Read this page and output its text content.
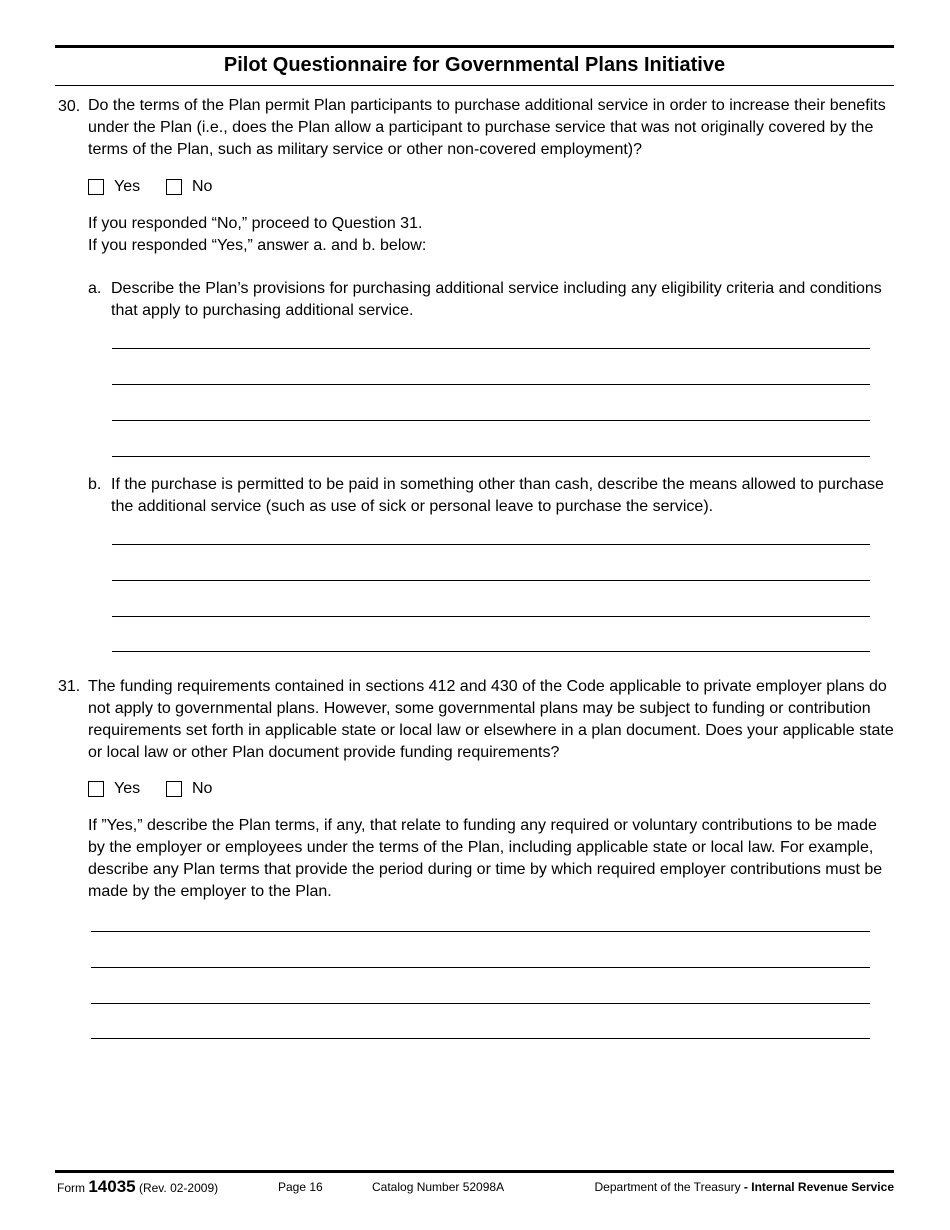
Pilot Questionnaire for Governmental Plans Initiative
30. Do the terms of the Plan permit Plan participants to purchase additional service in order to increase their benefits under the Plan (i.e., does the Plan allow a participant to purchase service that was not originally covered by the terms of the Plan, such as military service or other non-covered employment)?

Yes	No

If you responded “No,” proceed to Question 31.

If you responded “Yes,” answer a. and b. below:

a. Describe the Plan’s provisions for purchasing additional service including any eligibility criteria and conditions that apply to purchasing additional service.

b. If the purchase is permitted to be paid in something other than cash, describe the means allowed to purchase the additional service (such as use of sick or personal leave to purchase the service).

31. The funding requirements contained in sections 412 and 430 of the Code applicable to private employer plans do not apply to governmental plans. However, some governmental plans may be subject to funding or contribution requirements set forth in applicable state or local law or elsewhere in a plan document. Does your applicable state or local law or other Plan document provide funding requirements?

Yes	No

If ”Yes,” describe the Plan terms, if any, that relate to funding any required or voluntary contributions to be made by the employer or employees under the terms of the Plan, including applicable state or local law. For example, describe any Plan terms that provide the period during or time by which required employer contributions must be made by the employer to the Plan.

Form 14035 (Rev. 02-2009)	Page 16	Catalog Number 52098A	Department of the Treasury - Internal Revenue Service
